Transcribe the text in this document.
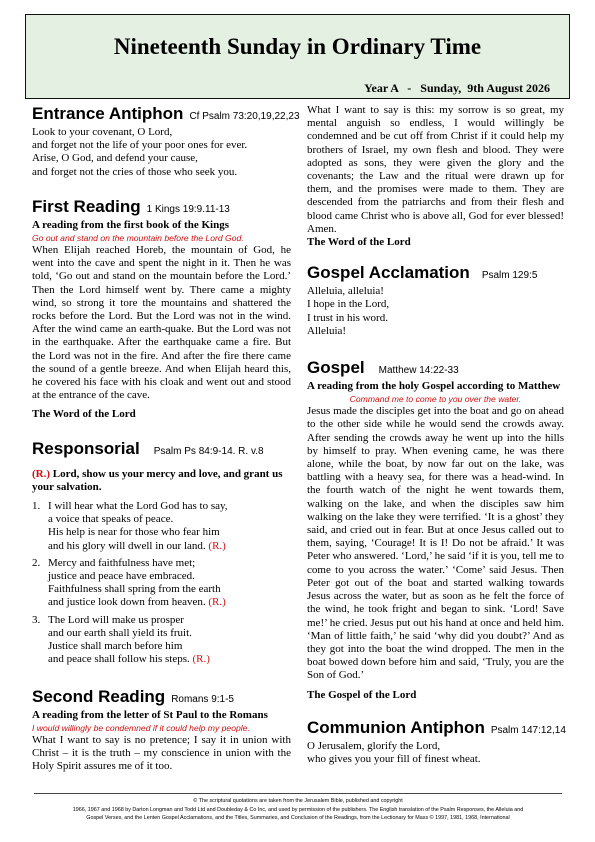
Nineteenth Sunday in Ordinary Time
Year A   -   Sunday,  9th August 2026
Entrance Antiphon Cf Psalm 73:20,19,22,23

Look to your covenant, O Lord,

and forget not the life of your poor ones for ever.

Arise, O God, and defend your cause,

and forget not the cries of those who seek you.

First Reading 1 Kings 19:9.11-13

A reading from the first book of the Kings

Go out and stand on the mountain before the Lord God.

When Elijah reached Horeb, the mountain of God, he went into the cave and spent the night in it. Then he was told, ‘Go out and stand on the mountain before the Lord.’ Then the Lord himself went by. There came a mighty wind, so strong it tore the mountains and shattered the rocks before the Lord. But the Lord was not in the wind. After the wind came an earth-quake. But the Lord was not in the earthquake. After the earthquake came a fire. But the Lord was not in the fire. And after the fire there came the sound of a gentle breeze. And when Elijah heard this, he covered his face with his cloak and went out and stood at the entrance of the cave.

The Word of the Lord

Responsorial Psalm Ps 84:9-14. R. v.8

(R.) Lord, show us your mercy and love, and grant us your salvation.

1. I will hear what the Lord God has to say,

a voice that speaks of peace.

His help is near for those who fear him

and his glory will dwell in our land. (R.)

2. Mercy and faithfulness have met;

justice and peace have embraced.

Faithfulness shall spring from the earth

and justice look down from heaven. (R.)

3. The Lord will make us prosper

and our earth shall yield its fruit.

Justice shall march before him

and peace shall follow his steps. (R.)

Second Reading Romans 9:1-5

A reading from the letter of St Paul to the Romans

I would willingly be condemned if it could help my people.

What I want to say is no pretence; I say it in union with Christ – it is the truth – my conscience in union with the Holy Spirit assures me of it too.

What I want to say is this: my sorrow is so great, my mental anguish so endless, I would willingly be condemned and be cut off from Christ if it could help my brothers of Israel, my own flesh and blood. They were adopted as sons, they were given the glory and the covenants; the Law and the ritual were drawn up for them, and the promises were made to them. They are descended from the patriarchs and from their flesh and blood came Christ who is above all, God for ever blessed! Amen.

The Word of the Lord

Gospel Acclamation Psalm 129:5

Alleluia, alleluia!

I hope in the Lord,

I trust in his word.

Alleluia!

Gospel Matthew 14:22-33

A reading from the holy Gospel according to Matthew

Command me to come to you over the water.

Jesus made the disciples get into the boat and go on ahead to the other side while he would send the crowds away. After sending the crowds away he went up into the hills by himself to pray. When evening came, he was there alone, while the boat, by now far out on the lake, was battling with a heavy sea, for there was a head-wind. In the fourth watch of the night he went towards them, walking on the lake, and when the disciples saw him walking on the lake they were terrified. ‘It is a ghost’ they said, and cried out in fear. But at once Jesus called out to them, saying, ‘Courage! It is I! Do not be afraid.’ It was Peter who answered. ‘Lord,’ he said ‘if it is you, tell me to come to you across the water.’ ‘Come’ said Jesus. Then Peter got out of the boat and started walking towards Jesus across the water, but as soon as he felt the force of the wind, he took fright and began to sink. ‘Lord! Save me!’ he cried. Jesus put out his hand at once and held him. ‘Man of little faith,’ he said ‘why did you doubt?’ And as they got into the boat the wind dropped. The men in the boat bowed down before him and said, ‘Truly, you are the Son of God.’

The Gospel of the Lord

Communion Antiphon Psalm 147:12,14

O Jerusalem, glorify the Lord,

who gives you your fill of finest wheat.

© The scriptural quotations are taken from the Jerusalem Bible, published and copyright
1966, 1967 and 1968 by Darton Longman and Todd Ltd and Doubleday & Co Inc, and used by permission of the publishers. The English translation of the Psalm Responses, the Alleluia and
Gospel Verses, and the Lenten Gospel Acclamations, and the Titles, Summaries, and Conclusion of the Readings, from the Lectionary for Mass © 1997, 1981, 1968, International
